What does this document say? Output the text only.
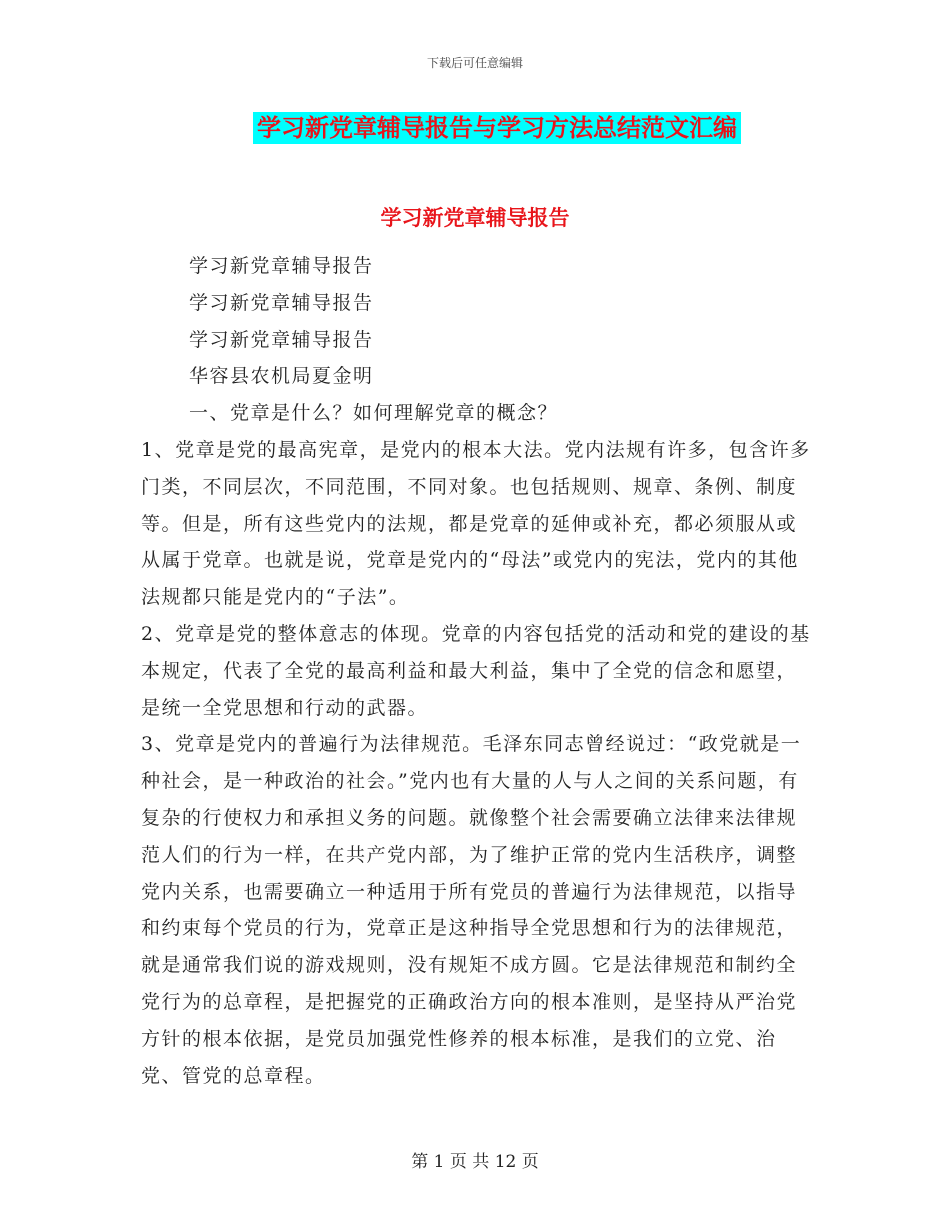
下载后可任意编辑
学习新党章辅导报告与学习方法总结范文汇编
学习新党章辅导报告
学习新党章辅导报告
学习新党章辅导报告
学习新党章辅导报告
华容县农机局夏金明
一、党章是什么？如何理解党章的概念？

1、党章是党的最高宪章，是党内的根本大法。党内法规有许多，包含许多门类，不同层次，不同范围，不同对象。也包括规则、规章、条例、制度等。但是，所有这些党内的法规，都是党章的延伸或补充，都必须服从或从属于党章。也就是说，党章是党内的“母法”或党内的宪法，党内的其他法规都只能是党内的“子法”。

2、党章是党的整体意志的体现。党章的内容包括党的活动和党的建设的基本规定，代表了全党的最高利益和最大利益，集中了全党的信念和愿望，是统一全党思想和行动的武器。

3、党章是党内的普遍行为法律规范。毛泽东同志曾经说过：“政党就是一种社会，是一种政治的社会。”党内也有大量的人与人之间的关系问题，有复杂的行使权力和承担义务的问题。就像整个社会需要确立法律来法律规范人们的行为一样，在共产党内部，为了维护正常的党内生活秩序，调整党内关系，也需要确立一种适用于所有党员的普遍行为法律规范，以指导和约束每个党员的行为，党章正是这种指导全党思想和行为的法律规范，就是通常我们说的游戏规则，没有规矩不成方圆。它是法律规范和制约全党行为的总章程，是把握党的正确政治方向的根本准则，是坚持从严治党方针的根本依据，是党员加强党性修养的根本标准，是我们的立党、治党、管党的总章程。

第 1 页 共 12 页
